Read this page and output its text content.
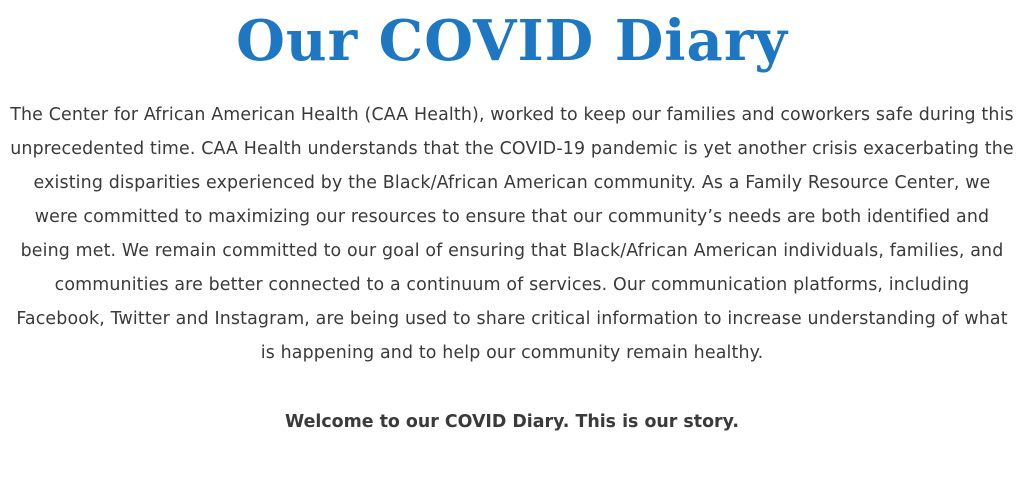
Our COVID Diary

The Center for African American Health (CAA Health), worked to keep our families and coworkers safe during this unprecedented time. CAA Health understands that the COVID-19 pandemic is yet another crisis exacerbating the existing disparities experienced by the Black/African American community. As a Family Resource Center, we were committed to maximizing our resources to ensure that our community’s needs are both identified and being met. We remain committed to our goal of ensuring that Black/African American individuals, families, and communities are better connected to a continuum of services. Our communication platforms, including Facebook, Twitter and Instagram, are being used to share critical information to increase understanding of what is happening and to help our community remain healthy.

Welcome to our COVID Diary. This is our story.
